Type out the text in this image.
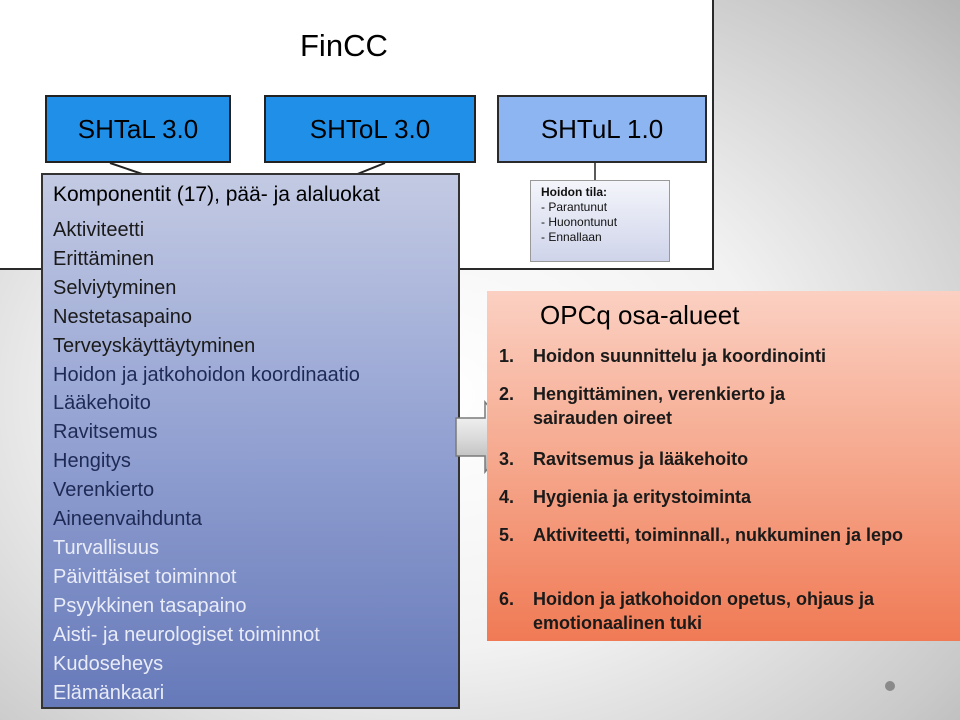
FinCC
SHTaL 3.0	SHToL 3.0	SHTuL 1.0
Komponentit (17), pää- ja alaluokat
Aktiviteetti
Erittäminen
Selviytyminen
Nestetasapaino
Terveyskäyttäytyminen
Hoidon ja jatkohoidon koordinaatio
Lääkehoito
Ravitsemus
Hengitys
Verenkierto
Aineenvaihdunta
Turvallisuus
Päivittäiset toiminnot
Psyykkinen tasapaino
Aisti- ja neurologiset toiminnot
Kudoseheys
Elämänkaari
Hoidon tila:
- Parantunut
- Huonontunut
- Ennallaan
OPCq osa-alueet
1. Hoidon suunnittelu ja koordinointi
2. Hengittäminen, verenkierto ja sairauden oireet
3. Ravitsemus ja lääkehoito
4. Hygienia ja eritystoiminta
5. Aktiviteetti, toiminnall., nukkuminen ja lepo
6. Hoidon ja jatkohoidon opetus, ohjaus ja emotionaalinen tuki
